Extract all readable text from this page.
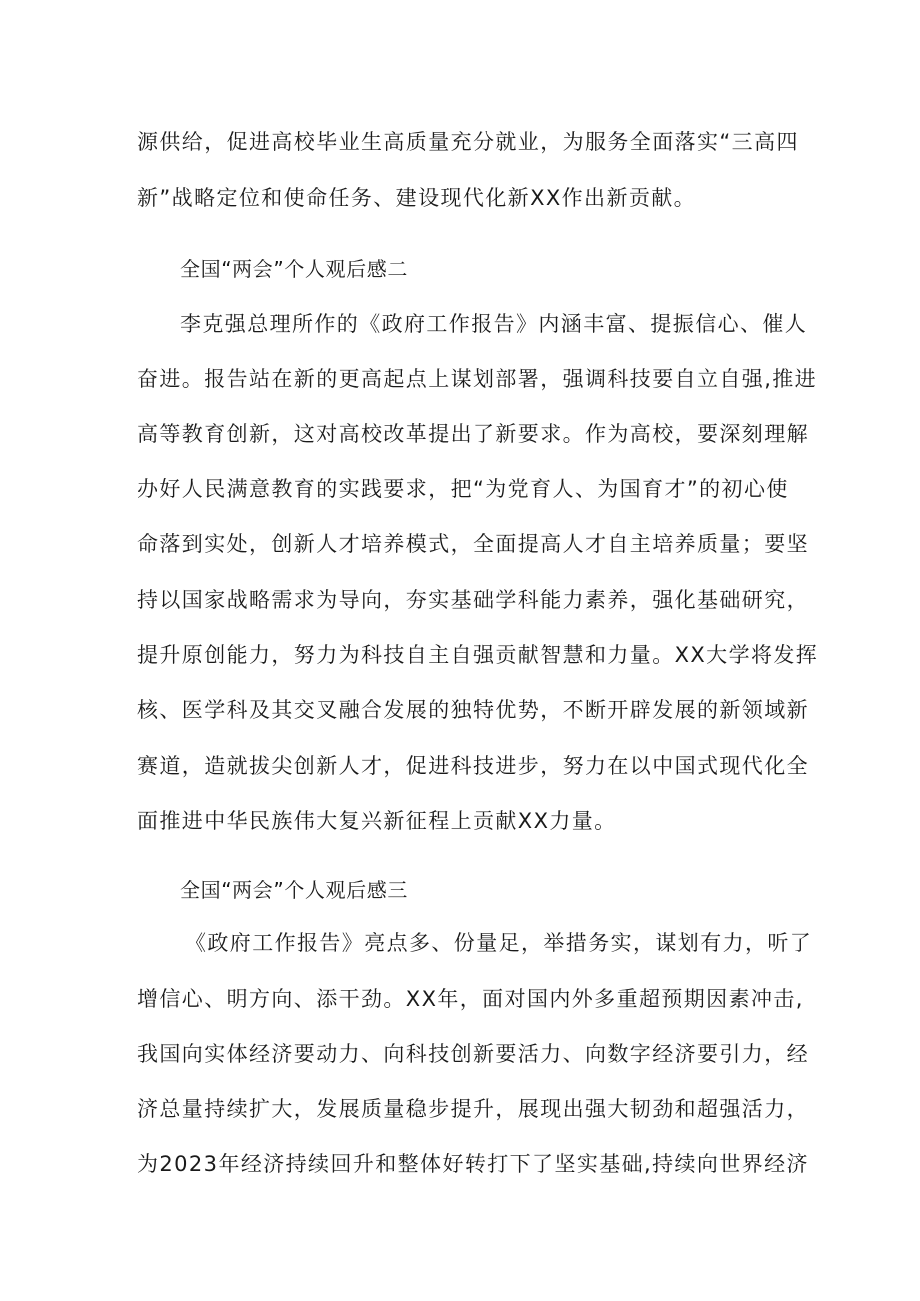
源供给，促进高校毕业生高质量充分就业，为服务全面落实“三高四
新”战略定位和使命任务、建设现代化新XX作出新贡献。
全国“两会”个人观后感二
李克强总理所作的《政府工作报告》内涵丰富、提振信心、催人
奋进。报告站在新的更高起点上谋划部署，强调科技要自立自强,推进
高等教育创新，这对高校改革提出了新要求。作为高校，要深刻理解
办好人民满意教育的实践要求，把“为党育人、为国育才”的初心使
命落到实处，创新人才培养模式，全面提高人才自主培养质量；要坚
持以国家战略需求为导向，夯实基础学科能力素养，强化基础研究，
提升原创能力，努力为科技自主自强贡献智慧和力量。XX大学将发挥
核、医学科及其交叉融合发展的独特优势，不断开辟发展的新领域新
赛道，造就拔尖创新人才，促进科技进步，努力在以中国式现代化全
面推进中华民族伟大复兴新征程上贡献XX力量。
全国“两会”个人观后感三
《政府工作报告》亮点多、份量足，举措务实，谋划有力，听了
增信心、明方向、添干劲。XX年，面对国内外多重超预期因素冲击,
我国向实体经济要动力、向科技创新要活力、向数字经济要引力，经
济总量持续扩大，发展质量稳步提升，展现出强大韧劲和超强活力，
为2023年经济持续回升和整体好转打下了坚实基础,持续向世界经济
